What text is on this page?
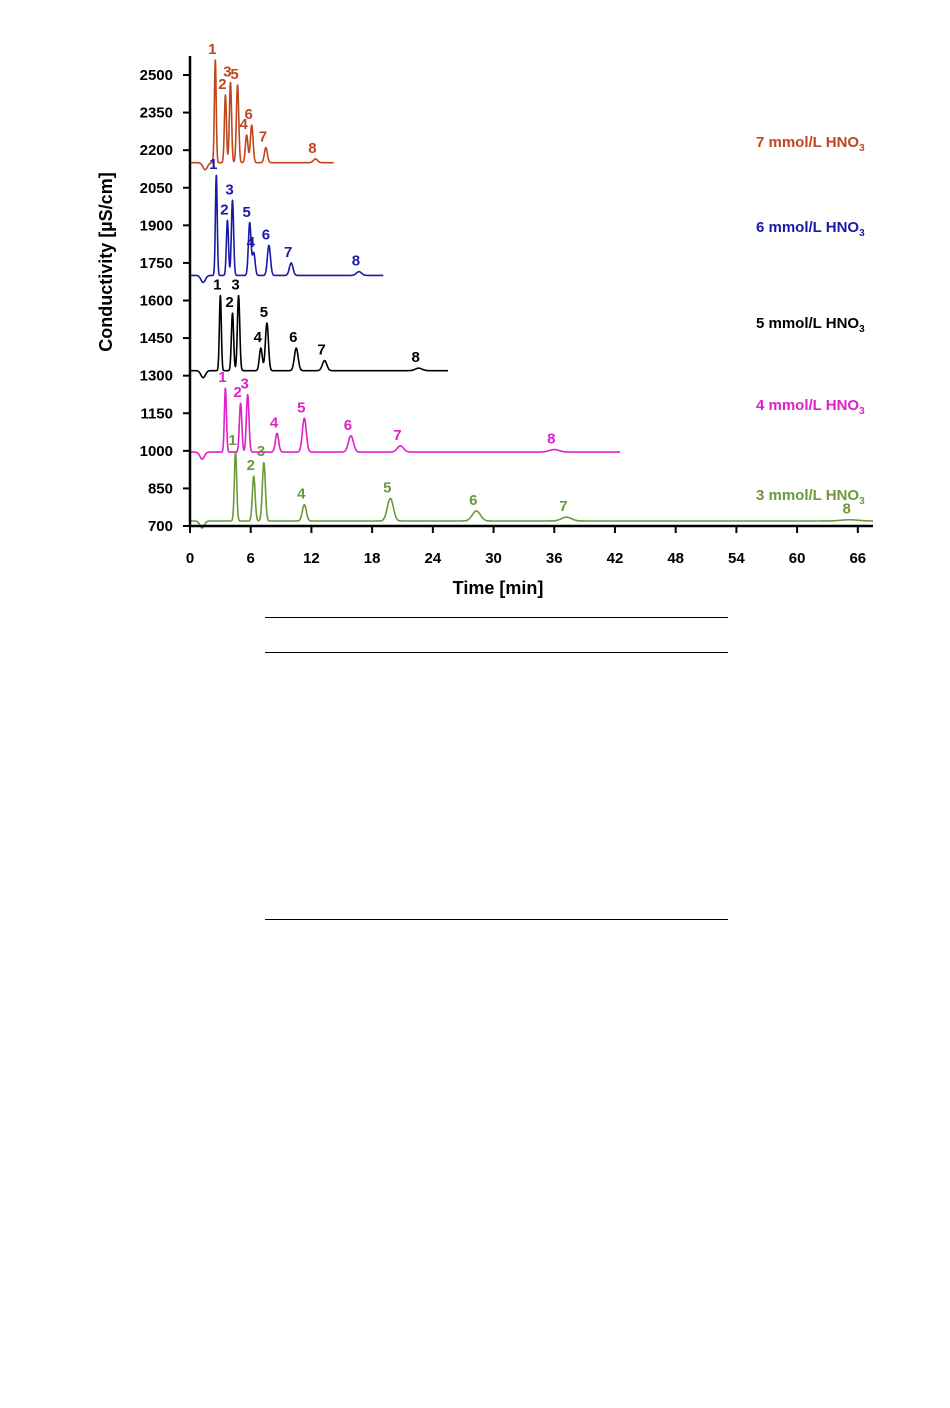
1
2
3
5
4
6
7
8	7 mmol/L $HNO_3$
1
2
3
5
4 6
7
8
6 mmol/L $HNO_3$
1
2
3
4
5
6
7	8
5 mmol/L $HNO_3$
1
2
3
4
5
6
7	8
4 mmol/L $HNO_3$
1
2
3
4	5
6	7	8
3 mmol/L $HNO_3$
0	6	12	18	24	30	36	42	48	54	60	66
700
850
1000
1150
1300
1450
1600
1750
1900
2050
2200
2350
2500
Time [min]
Conductivity [µS/cm]
